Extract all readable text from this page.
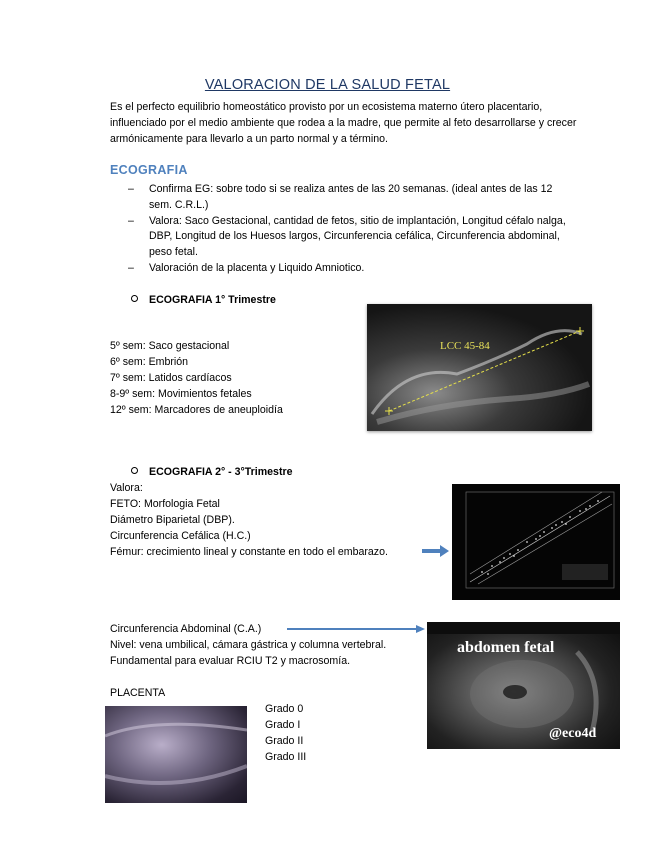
VALORACION DE LA SALUD FETAL
Es el perfecto equilibrio homeostático provisto por un ecosistema materno útero placentario, influenciado por el medio ambiente que rodea a la madre, que permite al feto desarrollarse y crecer armónicamente para llevarlo a un parto normal y a término.
ECOGRAFIA
– Confirma EG: sobre todo si se realiza antes de las 20 semanas. (ideal antes de las 12 sem. C.R.L.)
– Valora: Saco Gestacional, cantidad de fetos, sitio de implantación, Longitud céfalo nalga, DBP, Longitud de los Huesos largos, Circunferencia cefálica, Circunferencia abdominal, peso fetal.
– Valoración de la placenta y Liquido Amniotico.
ECOGRAFIA 1° Trimestre
5º sem: Saco gestacional
6º sem: Embrión
7º sem: Latidos cardíacos
8-9º sem: Movimientos fetales
12º sem: Marcadores de aneuploidía
LCC 45-84
ECOGRAFIA 2° - 3°Trimestre
Valora:
FETO: Morfologia Fetal
Diámetro Biparietal (DBP).
Circunferencia Cefálica (H.C.)
Fémur: crecimiento lineal y constante en todo el embarazo.
Circunferencia Abdominal (C.A.)
Nivel: vena umbilical, cámara gástrica y columna vertebral.
Fundamental para evaluar RCIU T2 y macrosomía.
abdomen fetal
@eco4d
PLACENTA
Grado 0
Grado I
Grado II
Grado III
